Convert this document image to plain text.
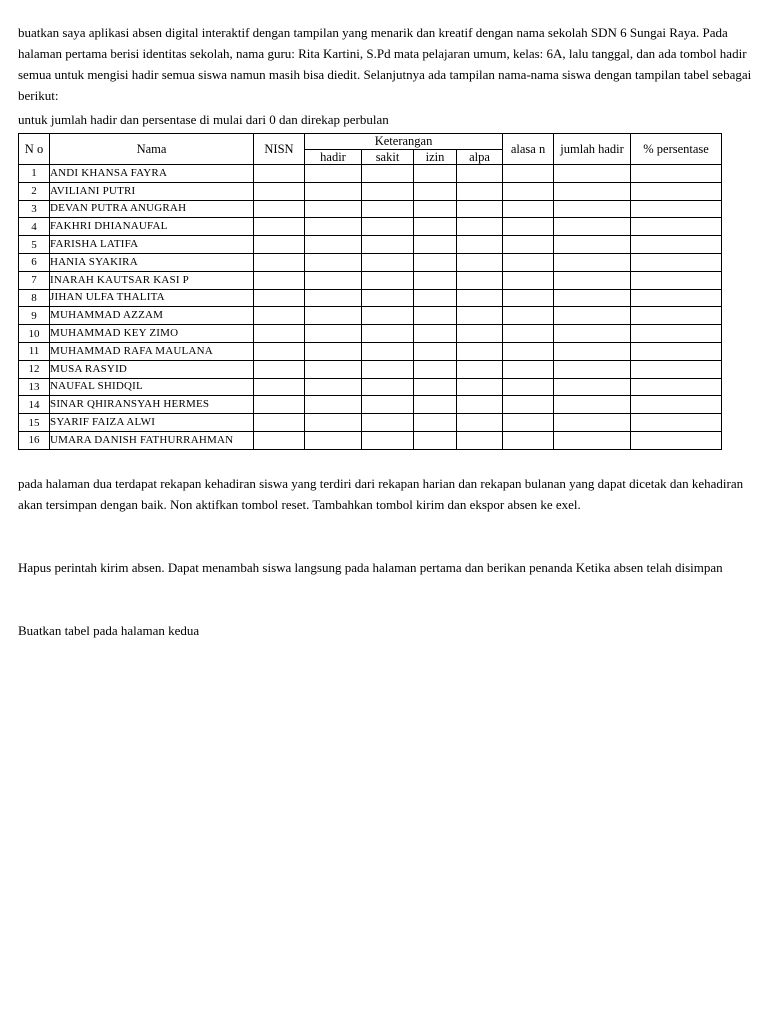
buatkan saya aplikasi absen digital interaktif dengan tampilan yang menarik dan kreatif dengan nama sekolah SDN 6 Sungai Raya. Pada halaman pertama berisi identitas sekolah, nama guru: Rita Kartini, S.Pd mata pelajaran umum, kelas: 6A, lalu tanggal, dan ada tombol hadir semua untuk mengisi hadir semua siswa namun masih bisa diedit. Selanjutnya ada tampilan nama-nama siswa dengan tampilan tabel sebagai berikut:

untuk jumlah hadir dan persentase di mulai dari 0 dan direkap perbulan

N o	Nama	NISN	Keterangan				alasa n	jumlah hadir	% persentase
			hadir	sakit	izin	alpa			
1	ANDI KHANSA FAYRA								
2	AVILIANI PUTRI								
3	DEVAN PUTRA ANUGRAH								
4	FAKHRI DHIANAUFAL								
5	FARISHA LATIFA								
6	HANIA SYAKIRA								
7	INARAH KAUTSAR KASI P								
8	JIHAN ULFA THALITA								
9	MUHAMMAD AZZAM								
10	MUHAMMAD KEY ZIMO								
11	MUHAMMAD RAFA MAULANA								
12	MUSA RASYID								
13	NAUFAL SHIDQIL								
14	SINAR QHIRANSYAH HERMES								
15	SYARIF FAIZA ALWI								
16	UMARA DANISH FATHURRAHMAN								

pada halaman dua terdapat rekapan kehadiran siswa yang terdiri dari rekapan harian dan rekapan bulanan yang dapat dicetak dan kehadiran akan tersimpan dengan baik. Non aktifkan tombol reset. Tambahkan tombol kirim dan ekspor absen ke exel.

Hapus perintah kirim absen. Dapat menambah siswa langsung pada halaman pertama dan berikan penanda Ketika absen telah disimpan

Buatkan tabel pada halaman kedua
